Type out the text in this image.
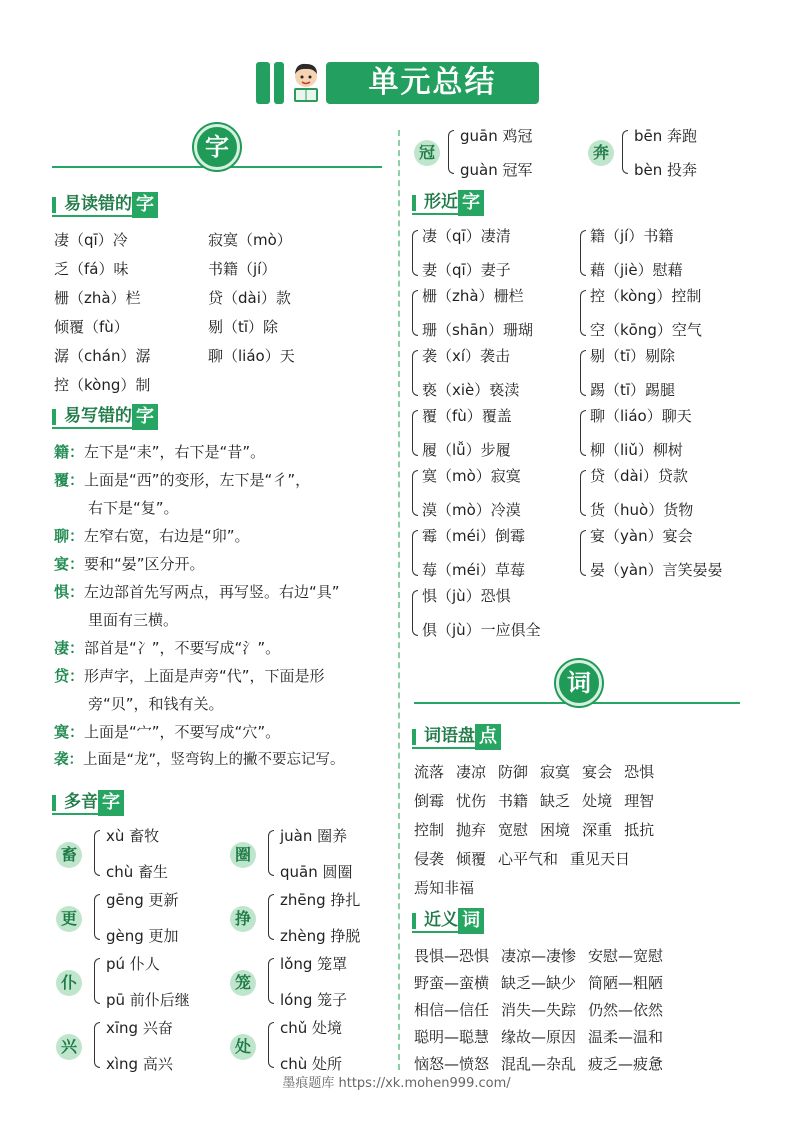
单元总结
字
易读错的 字
凄（qī）冷
乏（fá）味
栅（zhà）栏
倾覆（fù）
潺（chán）潺
控（kòng）制
寂寞（mò）
书籍（jí）
贷（dài）款
剔（tī）除
聊（liáo）天
易写错的 字
籍：左下是“耒”，右下是“昔”。
覆：上面是“西”的变形，左下是“彳”，
右下是“复”。
聊：左窄右宽，右边是“卯”。
宴：要和“晏”区分开。
惧：左边部首先写两点，再写竖。右边“具”
里面有三横。
凄：部首是“冫”，不要写成“氵”。
贷：形声字，上面是声旁“代”，下面是形
旁“贝”，和钱有关。
寞：上面是“宀”，不要写成“穴”。
袭：上面是“龙”，竖弯钩上的撇不要忘记写。
多音 字
畜
xù 畜牧
chù 畜生
更
gēng 更新
gèng 更加
仆
pú 仆人
pū 前仆后继
兴
xīng 兴奋
xìng 高兴
圈
juàn 圈养
quān 圆圈
挣
zhēng 挣扎
zhèng 挣脱
笼
lǒng 笼罩
lóng 笼子
处
chǔ 处境
chù 处所
冠
guān 鸡冠
guàn 冠军
奔
bēn 奔跑
bèn 投奔
形近 字
凄（qī）凄清
妻（qī）妻子
栅（zhà）栅栏
珊（shān）珊瑚
袭（xí）袭击
亵（xiè）亵渎
覆（fù）覆盖
履（lǚ）步履
寞（mò）寂寞
漠（mò）冷漠
霉（méi）倒霉
莓（méi）草莓
惧（jù）恐惧
俱（jù）一应俱全
籍（jí）书籍
藉（jiè）慰藉
控（kòng）控制
空（kōng）空气
剔（tī）剔除
踢（tī）踢腿
聊（liáo）聊天
柳（liǔ）柳树
贷（dài）贷款
货（huò）货物
宴（yàn）宴会
晏（yàn）言笑晏晏
词
词语盘 点
流落 凄凉 防御 寂寞 宴会 恐惧
倒霉 忧伤 书籍 缺乏 处境 理智
控制 抛弃 宽慰 困境 深重 抵抗
侵袭 倾覆 心平气和 重见天日
焉知非福
近义 词
畏惧—恐惧 凄凉—凄惨 安慰—宽慰
野蛮—蛮横 缺乏—缺少 简陋—粗陋
相信—信任 消失—失踪 仍然—依然
聪明—聪慧 缘故—原因 温柔—温和
恼怒—愤怒 混乱—杂乱 疲乏—疲惫
墨痕题库 https://xk.mohen999.com/
